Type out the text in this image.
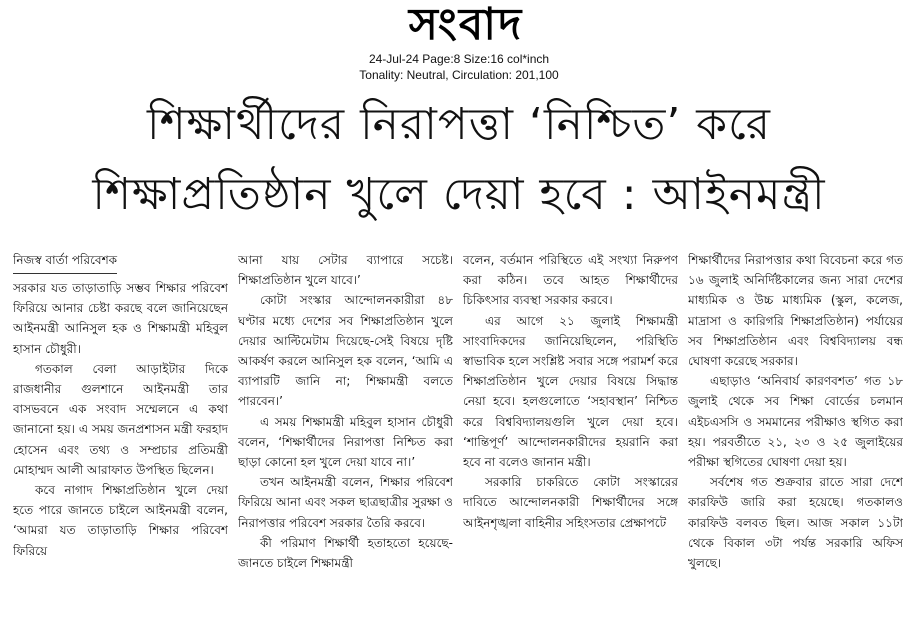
সংবাদ
24-Jul-24 Page:8 Size:16 col*inch
Tonality: Neutral, Circulation: 201,100
শিক্ষার্থীদের নিরাপত্তা ‘নিশ্চিত’ করে
শিক্ষাপ্রতিষ্ঠান খুলে দেয়া হবে : আইনমন্ত্রী
নিজস্ব বার্তা পরিবেশক

সরকার যত তাড়াতাড়ি সম্ভব শিক্ষার পরিবেশ ফিরিয়ে আনার চেষ্টা করছে বলে জানিয়েছেন আইনমন্ত্রী আনিসুল হক ও শিক্ষামন্ত্রী মহিবুল হাসান চৌধুরী।

গতকাল বেলা আড়াইটার দিকে রাজধানীর গুলশানে আইনমন্ত্রী তার বাসভবনে এক সংবাদ সম্মেলনে এ কথা জানানো হয়। এ সময় জনপ্রশাসন মন্ত্রী ফরহাদ হোসেন এবং তথ্য ও সম্প্রচার প্রতিমন্ত্রী মোহাম্মদ আলী আরাফাত উপস্থিত ছিলেন।

কবে নাগাদ শিক্ষাপ্রতিষ্ঠান খুলে দেয়া হতে পারে জানতে চাইলে আইনমন্ত্রী বলেন, ‘আমরা যত তাড়াতাড়ি শিক্ষার পরিবেশ ফিরিয়ে

আনা যায় সেটার ব্যাপারে সচেষ্ট। শিক্ষাপ্রতিষ্ঠান খুলে যাবে।’

কোটা সংস্কার আন্দোলনকারীরা ৪৮ ঘণ্টার মধ্যে দেশের সব শিক্ষাপ্রতিষ্ঠান খুলে দেয়ার আল্টিমেটাম দিয়েছে-সেই বিষয়ে দৃষ্টি আকর্ষণ করলে আনিসুল হক বলেন, ‘আমি এ ব্যাপারটি জানি না; শিক্ষামন্ত্রী বলতে পারবেন।’

এ সময় শিক্ষামন্ত্রী মহিবুল হাসান চৌধুরী বলেন, ‘শিক্ষার্থীদের নিরাপত্তা নিশ্চিত করা ছাড়া কোনো হল খুলে দেয়া যাবে না।’

তখন আইনমন্ত্রী বলেন, শিক্ষার পরিবেশ ফিরিয়ে আনা এবং সকল ছাত্রছাত্রীর সুরক্ষা ও নিরাপত্তার পরিবেশ সরকার তৈরি করবে।

কী পরিমাণ শিক্ষার্থী হতাহতো হয়েছে- জানতে চাইলে শিক্ষামন্ত্রী

বলেন, বর্তমান পরিস্থিতে এই সংখ্যা নিরুপণ করা কঠিন। তবে আহত শিক্ষার্থীদের চিকিৎসার ব্যবস্থা সরকার করবে।

এর আগে ২১ জুলাই শিক্ষামন্ত্রী সাংবাদিকদের জানিয়েছিলেন, পরিস্থিতি স্বাভাবিক হলে সংশ্লিষ্ট সবার সঙ্গে পরামর্শ করে শিক্ষাপ্রতিষ্ঠান খুলে দেয়ার বিষয়ে সিদ্ধান্ত নেয়া হবে। হলগুলোতে ‘সহাবস্থান’ নিশ্চিত করে বিশ্ববিদ্যালয়গুলি খুলে দেয়া হবে। ‘শান্তিপূর্ণ’ আন্দোলনকারীদের হয়রানি করা হবে না বলেও জানান মন্ত্রী।

সরকারি চাকরিতে কোটা সংস্কারের দাবিতে আন্দোলনকারী শিক্ষার্থীদের সঙ্গে আইনশৃঙ্খলা বাহিনীর সহিংসতার প্রেক্ষাপটে

শিক্ষার্থীদের নিরাপত্তার কথা বিবেচনা করে গত ১৬ জুলাই অনির্দিষ্টকালের জন্য সারা দেশের মাধ্যমিক ও উচ্চ মাধ্যমিক (স্কুল, কলেজ, মাদ্রাসা ও কারিগরি শিক্ষাপ্রতিষ্ঠান) পর্যায়ের সব শিক্ষাপ্রতিষ্ঠান এবং বিশ্ববিদ্যালয় বন্ধ ঘোষণা করেছে সরকার।

এছাড়াও ‘অনিবার্য কারণবশত’ গত ১৮ জুলাই থেকে সব শিক্ষা বোর্ডের চলমান এইচএসসি ও সমমানের পরীক্ষাও স্থগিত করা হয়। পরবর্তীতে ২১, ২৩ ও ২৫ জুলাইয়ের পরীক্ষা স্থগিতের ঘোষণা দেয়া হয়।

সর্বশেষ গত শুক্রবার রাতে সারা দেশে কারফিউ জারি করা হয়েছে। গতকালও কারফিউ বলবত ছিল। আজ সকাল ১১টা থেকে বিকাল ৩টা পর্যন্ত সরকারি অফিস খুলছে।
